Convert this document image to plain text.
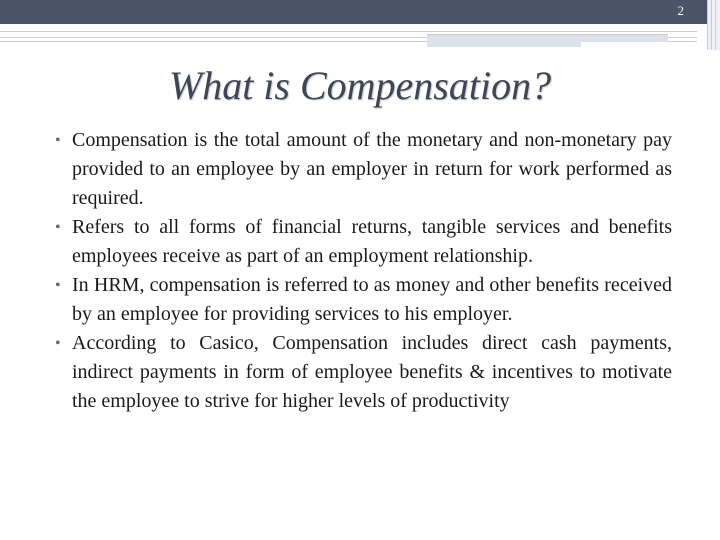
2
What is Compensation?
• Compensation is the total amount of the monetary and non-monetary pay provided to an employee by an employer in return for work performed as required.
• Refers to all forms of financial returns, tangible services and benefits employees receive as part of an employment relationship.
• In HRM, compensation is referred to as money and other benefits received by an employee for providing services to his employer.
• According to Casico, Compensation includes direct cash payments, indirect payments in form of employee benefits & incentives to motivate the employee to strive for higher levels of productivity
